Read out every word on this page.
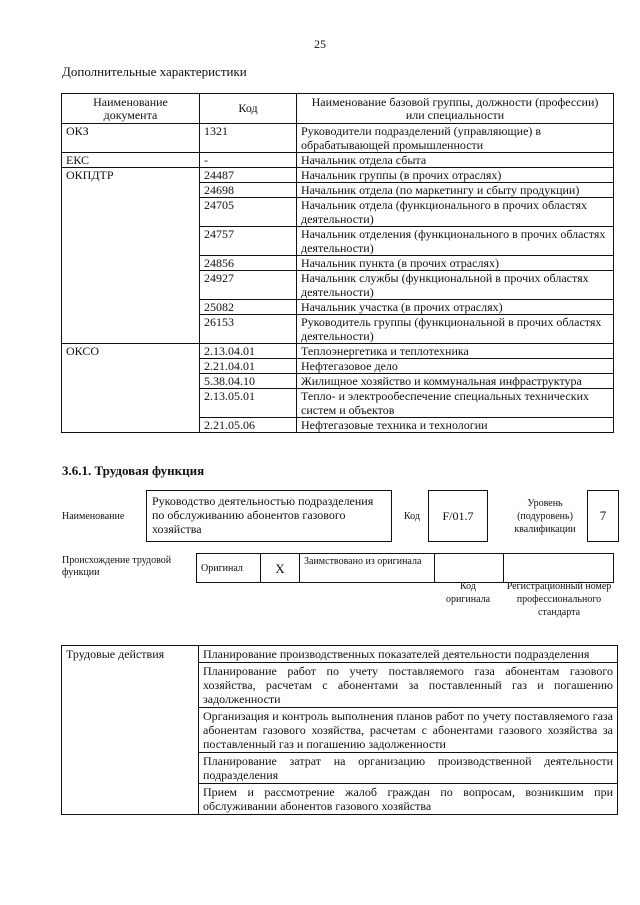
25
Дополнительные характеристики
Наименование документа	Код	Наименование базовой группы, должности (профессии) или специальности
ОКЗ	1321	Руководители подразделений (управляющие) в обрабатывающей промышленности
ЕКС	-	Начальник отдела сбыта
ОКПДТР	24487	Начальник группы (в прочих отраслях)
	24698	Начальник отдела (по маркетингу и сбыту продукции)
	24705	Начальник отдела (функционального в прочих областях деятельности)
	24757	Начальник отделения (функционального в прочих областях деятельности)
	24856	Начальник пункта (в прочих отраслях)
	24927	Начальник службы (функциональной в прочих областях деятельности)
	25082	Начальник участка (в прочих отраслях)
	26153	Руководитель группы (функциональной в прочих областях деятельности)
ОКСО	2.13.04.01	Теплоэнергетика и теплотехника
	2.21.04.01	Нефтегазовое дело
	5.38.04.10	Жилищное хозяйство и коммунальная инфраструктура
	2.13.05.01	Тепло- и электрообеспечение специальных технических систем и объектов
	2.21.05.06	Нефтегазовые техника и технологии
3.6.1. Трудовая функция
Наименование
Руководство деятельностью подразделения по обслуживанию абонентов газового хозяйства
Код	F/01.7
Уровень (подуровень) квалификации
7
Происхождение трудовой функции	Оригинал	X	Заимствовано из оригинала		
Код оригинала
Регистрационный номер профессионального стандарта
Трудовые действия	Планирование производственных показателей деятельности подразделения
Планирование работ по учету поставляемого газа абонентам газового хозяйства, расчетам с абонентами за поставленный газ и погашению задолженности
Организация и контроль выполнения планов работ по учету поставляемого газа абонентам газового хозяйства, расчетам с абонентами газового хозяйства за поставленный газ и погашению задолженности
Планирование затрат на организацию производственной деятельности подразделения
Прием и рассмотрение жалоб граждан по вопросам, возникшим при обслуживании абонентов газового хозяйства
